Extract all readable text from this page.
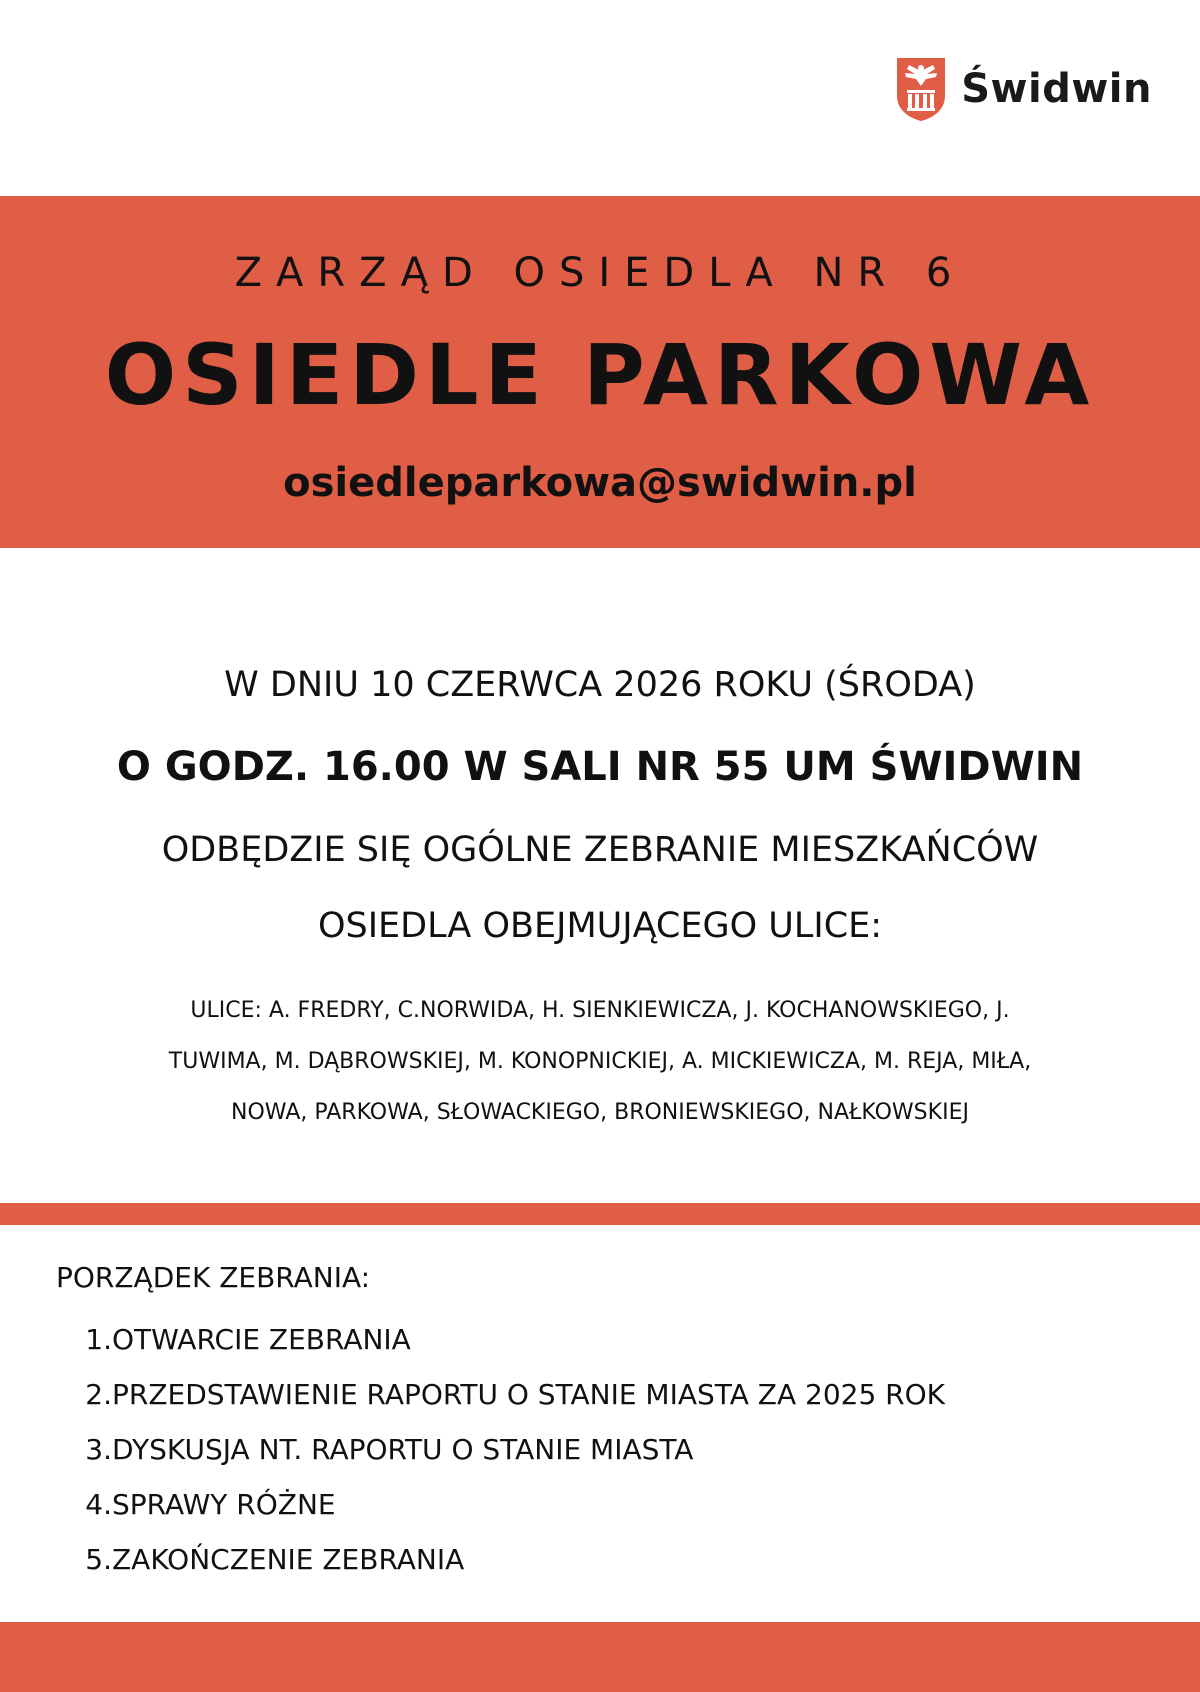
Świdwin
ZARZĄD OSIEDLA NR 6
OSIEDLE PARKOWA
osiedleparkowa@swidwin.pl
W DNIU 10 CZERWCA 2026 ROKU (ŚRODA)
O GODZ. 16.00 W SALI NR 55 UM ŚWIDWIN
ODBĘDZIE SIĘ OGÓLNE ZEBRANIE MIESZKAŃCÓW
OSIEDLA OBEJMUJĄCEGO ULICE:
ULICE: A. FREDRY, C.NORWIDA, H. SIENKIEWICZA, J. KOCHANOWSKIEGO, J.
TUWIMA, M. DĄBROWSKIEJ, M. KONOPNICKIEJ, A. MICKIEWICZA, M. REJA, MIŁA,
NOWA, PARKOWA, SŁOWACKIEGO, BRONIEWSKIEGO, NAŁKOWSKIEJ
PORZĄDEK ZEBRANIA:
1. OTWARCIE ZEBRANIA
2. PRZEDSTAWIENIE RAPORTU O STANIE MIASTA ZA 2025 ROK
3. DYSKUSJA NT. RAPORTU O STANIE MIASTA
4. SPRAWY RÓŻNE
5. ZAKOŃCZENIE ZEBRANIA
